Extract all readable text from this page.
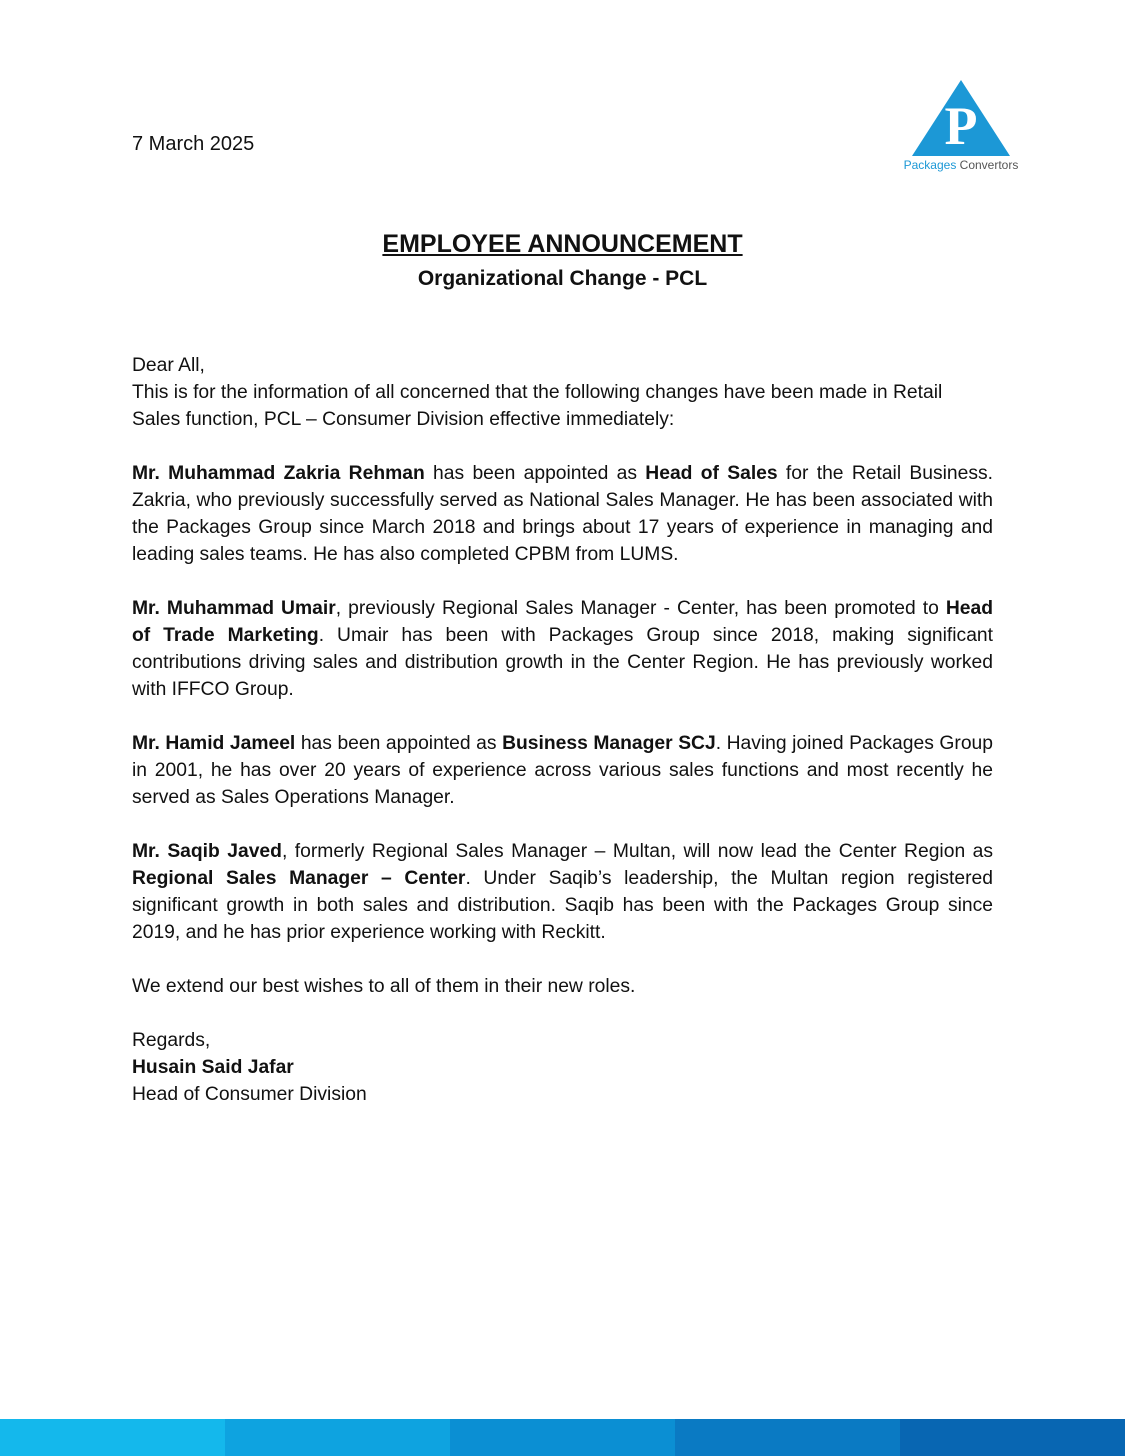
7 March 2025	P
Packages Convertors
EMPLOYEE ANNOUNCEMENT
Organizational Change - PCL

Dear All,

This is for the information of all concerned that the following changes have been made in Retail Sales function, PCL – Consumer Division effective immediately:

Mr. Muhammad Zakria Rehman has been appointed as Head of Sales for the Retail Business. Zakria, who previously successfully served as National Sales Manager. He has been associated with the Packages Group since March 2018 and brings about 17 years of experience in managing and leading sales teams. He has also completed CPBM from LUMS.

Mr. Muhammad Umair, previously Regional Sales Manager - Center, has been promoted to Head of Trade Marketing. Umair has been with Packages Group since 2018, making significant contributions driving sales and distribution growth in the Center Region. He has previously worked with IFFCO Group.

Mr. Hamid Jameel has been appointed as Business Manager SCJ. Having joined Packages Group in 2001, he has over 20 years of experience across various sales functions and most recently he served as Sales Operations Manager.

Mr. Saqib Javed, formerly Regional Sales Manager – Multan, will now lead the Center Region as Regional Sales Manager – Center. Under Saqib’s leadership, the Multan region registered significant growth in both sales and distribution. Saqib has been with the Packages Group since 2019, and he has prior experience working with Reckitt.

We extend our best wishes to all of them in their new roles.

Regards,

Husain Said Jafar

Head of Consumer Division
